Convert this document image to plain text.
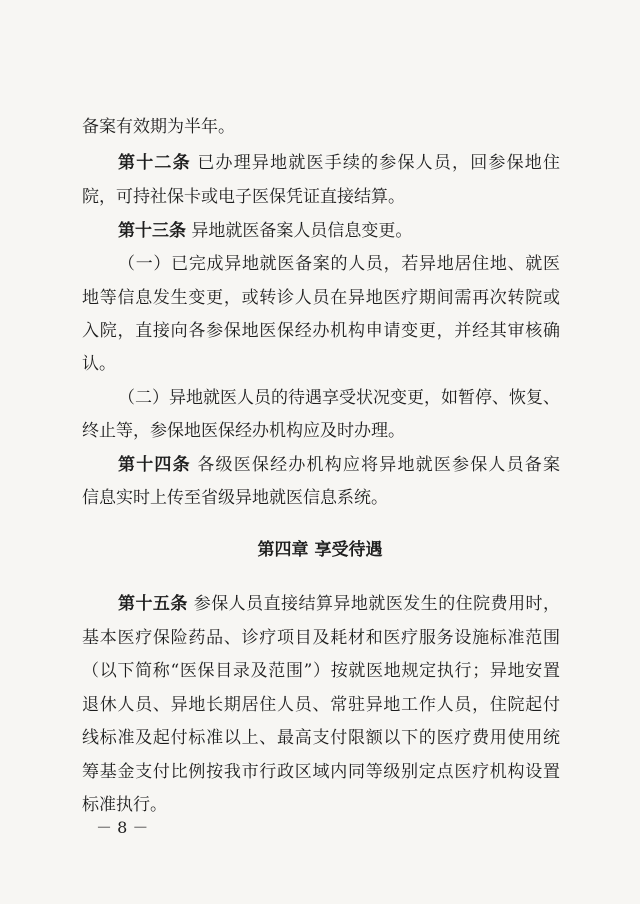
备案有效期为半年。
第十二条 已办理异地就医手续的参保人员，回参保地住
院，可持社保卡或电子医保凭证直接结算。
第十三条 异地就医备案人员信息变更。
（一）已完成异地就医备案的人员，若异地居住地、就医
地等信息发生变更，或转诊人员在异地医疗期间需再次转院或
入院，直接向各参保地医保经办机构申请变更，并经其审核确
认。
（二）异地就医人员的待遇享受状况变更，如暂停、恢复、
终止等，参保地医保经办机构应及时办理。
第十四条 各级医保经办机构应将异地就医参保人员备案
信息实时上传至省级异地就医信息系统。
第四章 享受待遇
第十五条 参保人员直接结算异地就医发生的住院费用时，
基本医疗保险药品、诊疗项目及耗材和医疗服务设施标准范围
（以下简称“医保目录及范围”）按就医地规定执行；异地安置
退休人员、异地长期居住人员、常驻异地工作人员，住院起付
线标准及起付标准以上、最高支付限额以下的医疗费用使用统
筹基金支付比例按我市行政区域内同等级别定点医疗机构设置
标准执行。
－ 8 －
